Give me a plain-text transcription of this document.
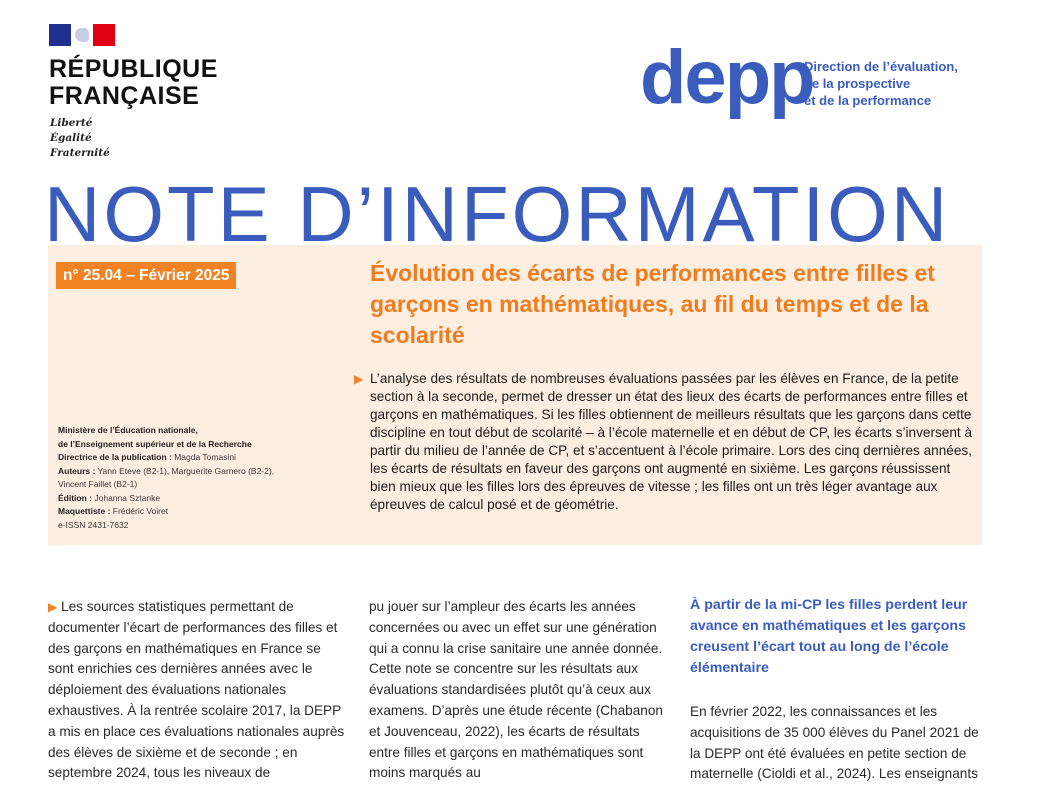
RÉPUBLIQUE
FRANÇAISE
Liberté
Égalité
Fraternité
depp
Direction de l’évaluation,
de la prospective
et de la performance
NOTE D’INFORMATION
n° 25.04 – Février 2025	Évolution des écarts de performances entre filles et garçons en mathématiques, au fil du temps et de la scolarité
▶ L’analyse des résultats de nombreuses évaluations passées par les élèves en France, de la petite section à la seconde, permet de dresser un état des lieux des écarts de performances entre filles et garçons en mathématiques. Si les filles obtiennent de meilleurs résultats que les garçons dans cette discipline en tout début de scolarité – à l’école maternelle et en début de CP, les écarts s’inversent à partir du milieu de l’année de CP, et s’accentuent à l’école primaire. Lors des cinq dernières années, les écarts de résultats en faveur des garçons ont augmenté en sixième. Les garçons réussissent bien mieux que les filles lors des épreuves de vitesse ; les filles ont un très léger avantage aux épreuves de calcul posé et de géométrie.
Ministère de l’Éducation nationale,
de l’Enseignement supérieur et de la Recherche
Directrice de la publication : Magda Tomasini
Auteurs : Yann Eteve (B2-1), Marguerite Garnero (B2-2),
Vincent Faillet (B2-1)
Édition : Johanna Sztanke
Maquettiste : Frédéric Voiret
e-ISSN 2431-7632
▶ Les sources statistiques permettant de documenter l’écart de performances des filles et des garçons en mathématiques en France se sont enrichies ces dernières années avec le déploiement des évaluations nationales exhaustives. À la rentrée scolaire 2017, la DEPP a mis en place ces évaluations nationales auprès des élèves de sixième et de seconde ; en septembre 2024, tous les niveaux de
pu jouer sur l’ampleur des écarts les années concernées ou avec un effet sur une génération qui a connu la crise sanitaire une année donnée. Cette note se concentre sur les résultats aux évaluations standardisées plutôt qu’à ceux aux examens. D’après une étude récente (Chabanon et Jouvenceau, 2022), les écarts de résultats entre filles et garçons en mathématiques sont moins marqués au
À partir de la mi-CP les filles perdent leur avance en mathématiques et les garçons creusent l’écart tout au long de l’école élémentaire
En février 2022, les connaissances et les acquisitions de 35 000 élèves du Panel 2021 de la DEPP ont été évaluées en petite section de maternelle (Cioldi et al., 2024). Les enseignants
